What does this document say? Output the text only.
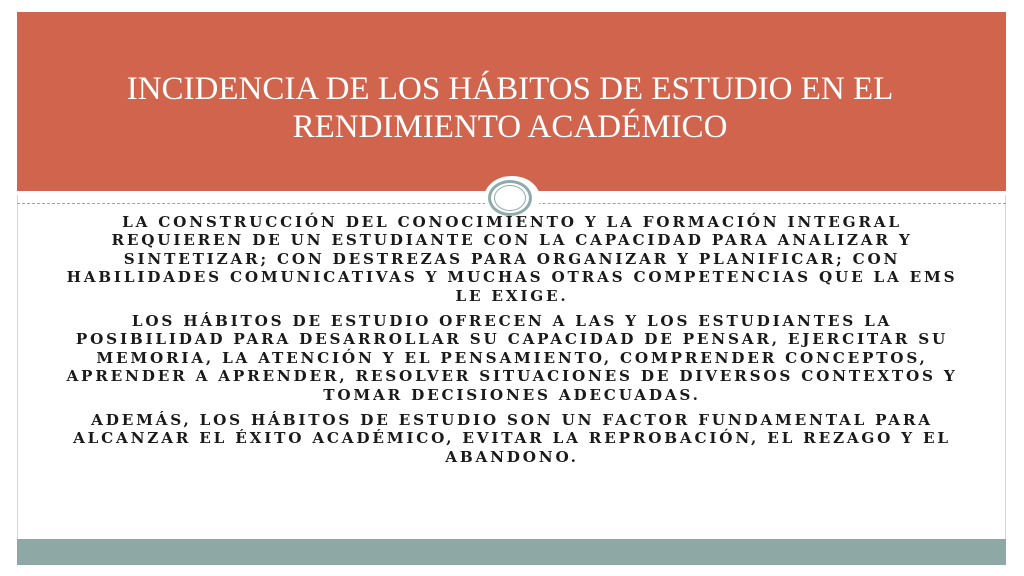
INCIDENCIA DE LOS HÁBITOS DE ESTUDIO EN EL RENDIMIENTO ACADÉMICO

LA CONSTRUCCIÓN DEL CONOCIMIENTO Y LA FORMACIÓN INTEGRAL REQUIEREN DE UN ESTUDIANTE CON LA CAPACIDAD PARA ANALIZAR Y SINTETIZAR; CON DESTREZAS PARA ORGANIZAR Y PLANIFICAR; CON HABILIDADES COMUNICATIVAS Y MUCHAS OTRAS COMPETENCIAS QUE LA EMS LE EXIGE.

LOS HÁBITOS DE ESTUDIO OFRECEN A LAS Y LOS ESTUDIANTES LA POSIBILIDAD PARA DESARROLLAR SU CAPACIDAD DE PENSAR, EJERCITAR SU MEMORIA, LA ATENCIÓN Y EL PENSAMIENTO, COMPRENDER CONCEPTOS, APRENDER A APRENDER, RESOLVER SITUACIONES DE DIVERSOS CONTEXTOS Y TOMAR DECISIONES ADECUADAS.

ADEMÁS, LOS HÁBITOS DE ESTUDIO SON UN FACTOR FUNDAMENTAL PARA ALCANZAR EL ÉXITO ACADÉMICO, EVITAR LA REPROBACIÓN, EL REZAGO Y EL ABANDONO.
